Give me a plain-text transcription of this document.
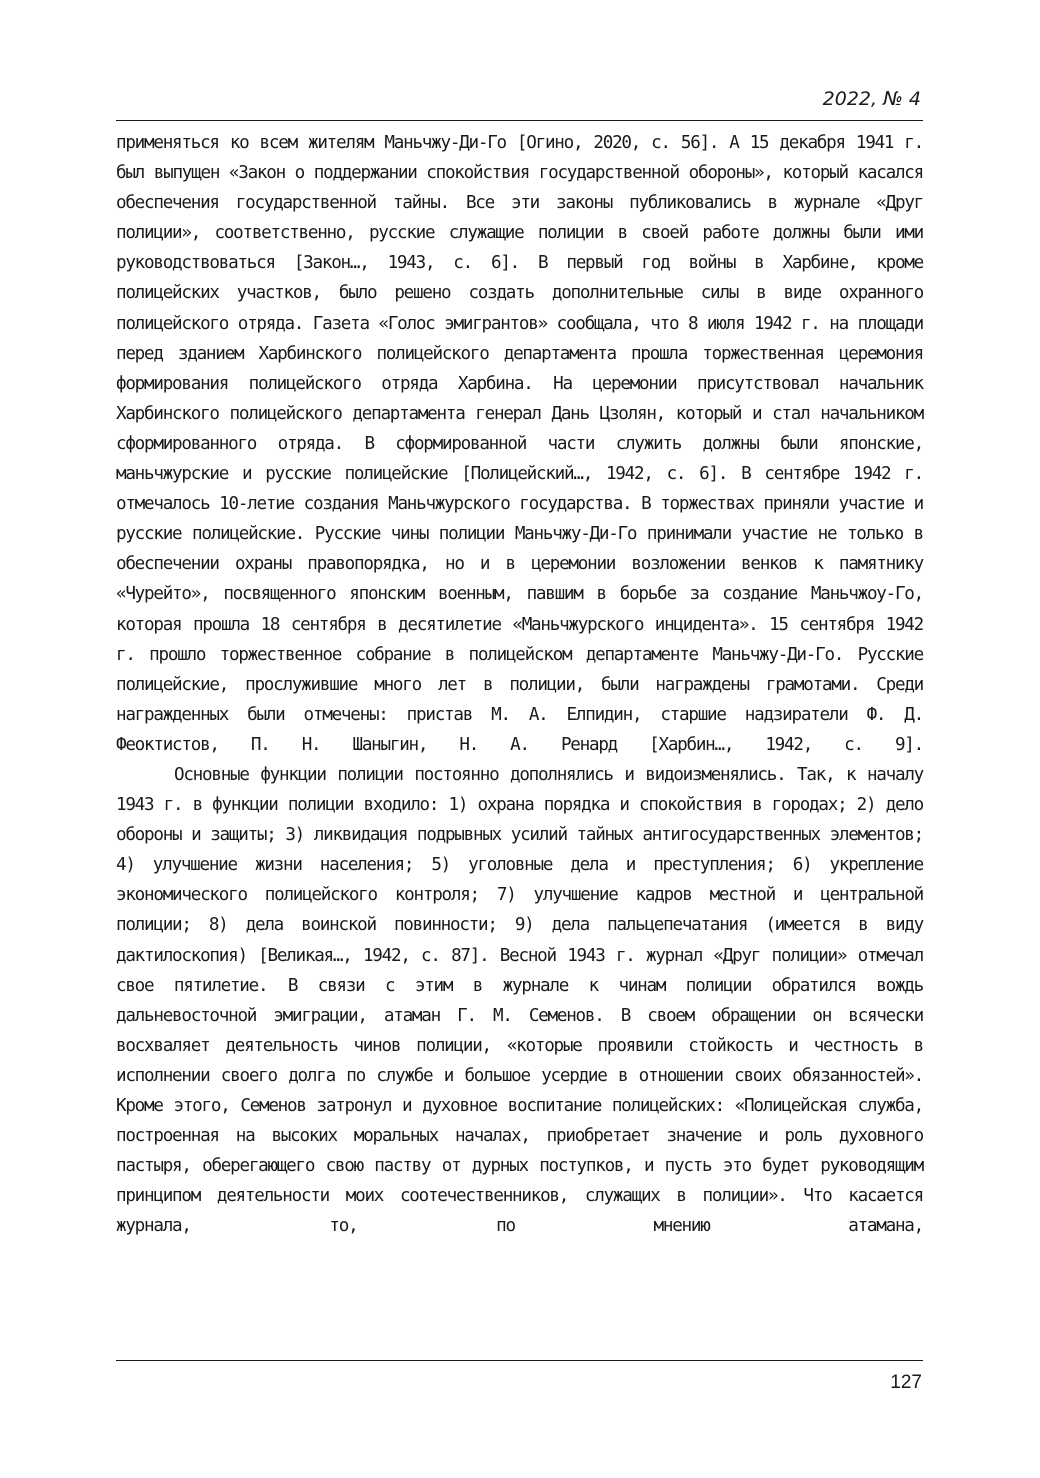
2022, № 4

применяться ко всем жителям Маньчжу-Ди-Го [Огино, 2020, с. 56]. А 15 декабря 1941 г. был выпущен «Закон о поддержании спокойствия государственной обороны», который касался обеспечения государственной тайны. Все эти законы публиковались в журнале «Друг полиции», соответственно, русские служащие полиции в своей работе должны были ими руководствоваться [Закон…, 1943, с. 6]. В первый год войны в Харбине, кроме полицейских участков, было решено создать дополнительные силы в виде охранного полицейского отряда. Газета «Голос эмигрантов» сообщала, что 8 июля 1942 г. на площади перед зданием Харбинского полицейского департамента прошла торжественная церемония формирования полицейского отряда Харбина. На церемонии присутствовал начальник Харбинского полицейского департамента генерал Дань Цзолян, который и стал начальником сформированного отряда. В сформированной части служить должны были японские, маньчжурские и русские полицейские [Полицейский…, 1942, с. 6]. В сентябре 1942 г. отмечалось 10-летие создания Маньчжурского государства. В торжествах приняли участие и русские полицейские. Русские чины полиции Маньчжу-Ди-Го принимали участие не только в обеспечении охраны правопорядка, но и в церемонии возложении венков к памятнику «Чурейто», посвященного японским военным, павшим в борьбе за создание Маньчжоу-Го, которая прошла 18 сентября в десятилетие «Маньчжурского инцидента». 15 сентября 1942 г. прошло торжественное собрание в полицейском департаменте Маньчжу-Ди-Го. Русские полицейские, прослужившие много лет в полиции, были награждены грамотами. Среди награжденных были отмечены: пристав М. А. Елпидин, старшие надзиратели Ф. Д. Феоктистов, П. Н. Шаныгин, Н. А. Ренард [Харбин…, 1942, с. 9].

Основные функции полиции постоянно дополнялись и видоизменялись. Так, к началу 1943 г. в функции полиции входило: 1) охрана порядка и спокойствия в городах; 2) дело обороны и защиты; 3) ликвидация подрывных усилий тайных антигосударственных элементов; 4) улучшение жизни населения; 5) уголовные дела и преступления; 6) укрепление экономического полицейского контроля; 7) улучшение кадров местной и центральной полиции; 8) дела воинской повинности; 9) дела пальцепечатания (имеется в виду дактилоскопия) [Великая…, 1942, с. 87]. Весной 1943 г. журнал «Друг полиции» отмечал свое пятилетие. В связи с этим в журнале к чинам полиции обратился вождь дальневосточной эмиграции, атаман Г. М. Семенов. В своем обращении он всячески восхваляет деятельность чинов полиции, «которые проявили стойкость и честность в исполнении своего долга по службе и большое усердие в отношении своих обязанностей». Кроме этого, Семенов затронул и духовное воспитание полицейских: «Полицейская служба, построенная на высоких моральных началах, приобретает значение и роль духовного пастыря, оберегающего свою паству от дурных поступков, и пусть это будет руководящим принципом деятельности моих соотечественников, служащих в полиции». Что касается журнала, то, по мнению атамана,

127
